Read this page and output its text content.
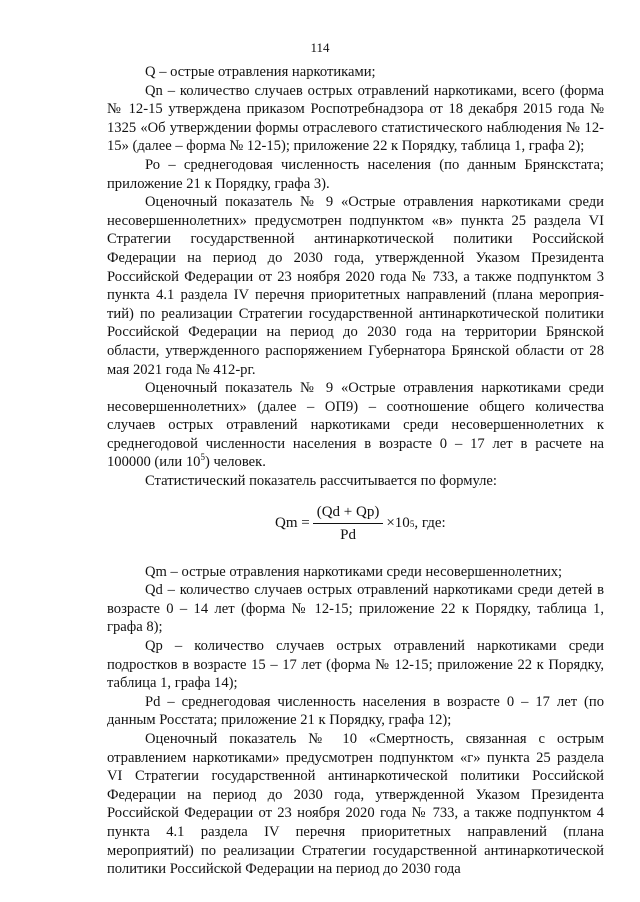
114

Q – острые отравления наркотиками;

Qn – количество случаев острых отравлений наркотиками, всего (форма № 12-15 утверждена приказом Роспотребнадзора от 18 декабря 2015 года № 1325 «Об утверждении формы отраслевого статистического наблюдения № 12-15» (далее – форма № 12-15); приложение 22 к Порядку, таблица 1, графа 2);

Ро – среднегодовая численность населения (по данным Брянскстата; приложение 21 к Порядку, графа 3).

Оценочный показатель № 9 «Острые отравления наркотиками среди несовершеннолетних» предусмотрен подпунктом «в» пункта 25 раздела VI Стратегии государственной антинаркотической политики Российской Федерации на период до 2030 года, утвержденной Указом Президента Российской Федерации от 23 ноября 2020 года № 733, а также подпунктом 3 пункта 4.1 раздела IV перечня приоритетных направлений (плана мероприя-тий) по реализации Стратегии государственной антинаркотической политики Российской Федерации на период до 2030 года на территории Брянской области, утвержденного распоряжением Губернатора Брянской области от 28 мая 2021 года № 412-рг.

Оценочный показатель № 9 «Острые отравления наркотиками среди несовершеннолетних» (далее – ОП9) – соотношение общего количества случаев острых отравлений наркотиками среди несовершеннолетних к среднегодовой численности населения в возрасте 0 – 17 лет в расчете на 100000 (или $10^5$) человек.

Статистический показатель рассчитывается по формуле:

$Qm = \frac{(Qd + Qp)}{Pd} \times 10$ 5 , где:

Qm – острые отравления наркотиками среди несовершеннолетних;

Qd – количество случаев острых отравлений наркотиками среди детей в возрасте 0 – 14 лет (форма № 12-15; приложение 22 к Порядку, таблица 1, графа 8);

Qp – количество случаев острых отравлений наркотиками среди подростков в возрасте 15 – 17 лет (форма № 12-15; приложение 22 к Порядку, таблица 1, графа 14);

Pd – среднегодовая численность населения в возрасте 0 – 17 лет (по данным Росстата; приложение 21 к Порядку, графа 12);

Оценочный показатель № 10 «Смертность, связанная с острым отравлением наркотиками» предусмотрен подпунктом «г» пункта 25 раздела VI Стратегии государственной антинаркотической политики Российской Федерации на период до 2030 года, утвержденной Указом Президента Российской Федерации от 23 ноября 2020 года № 733, а также подпунктом 4 пункта 4.1 раздела IV перечня приоритетных направлений (плана мероприятий) по реализации Стратегии государственной антинаркотической политики Российской Федерации на период до 2030 года
